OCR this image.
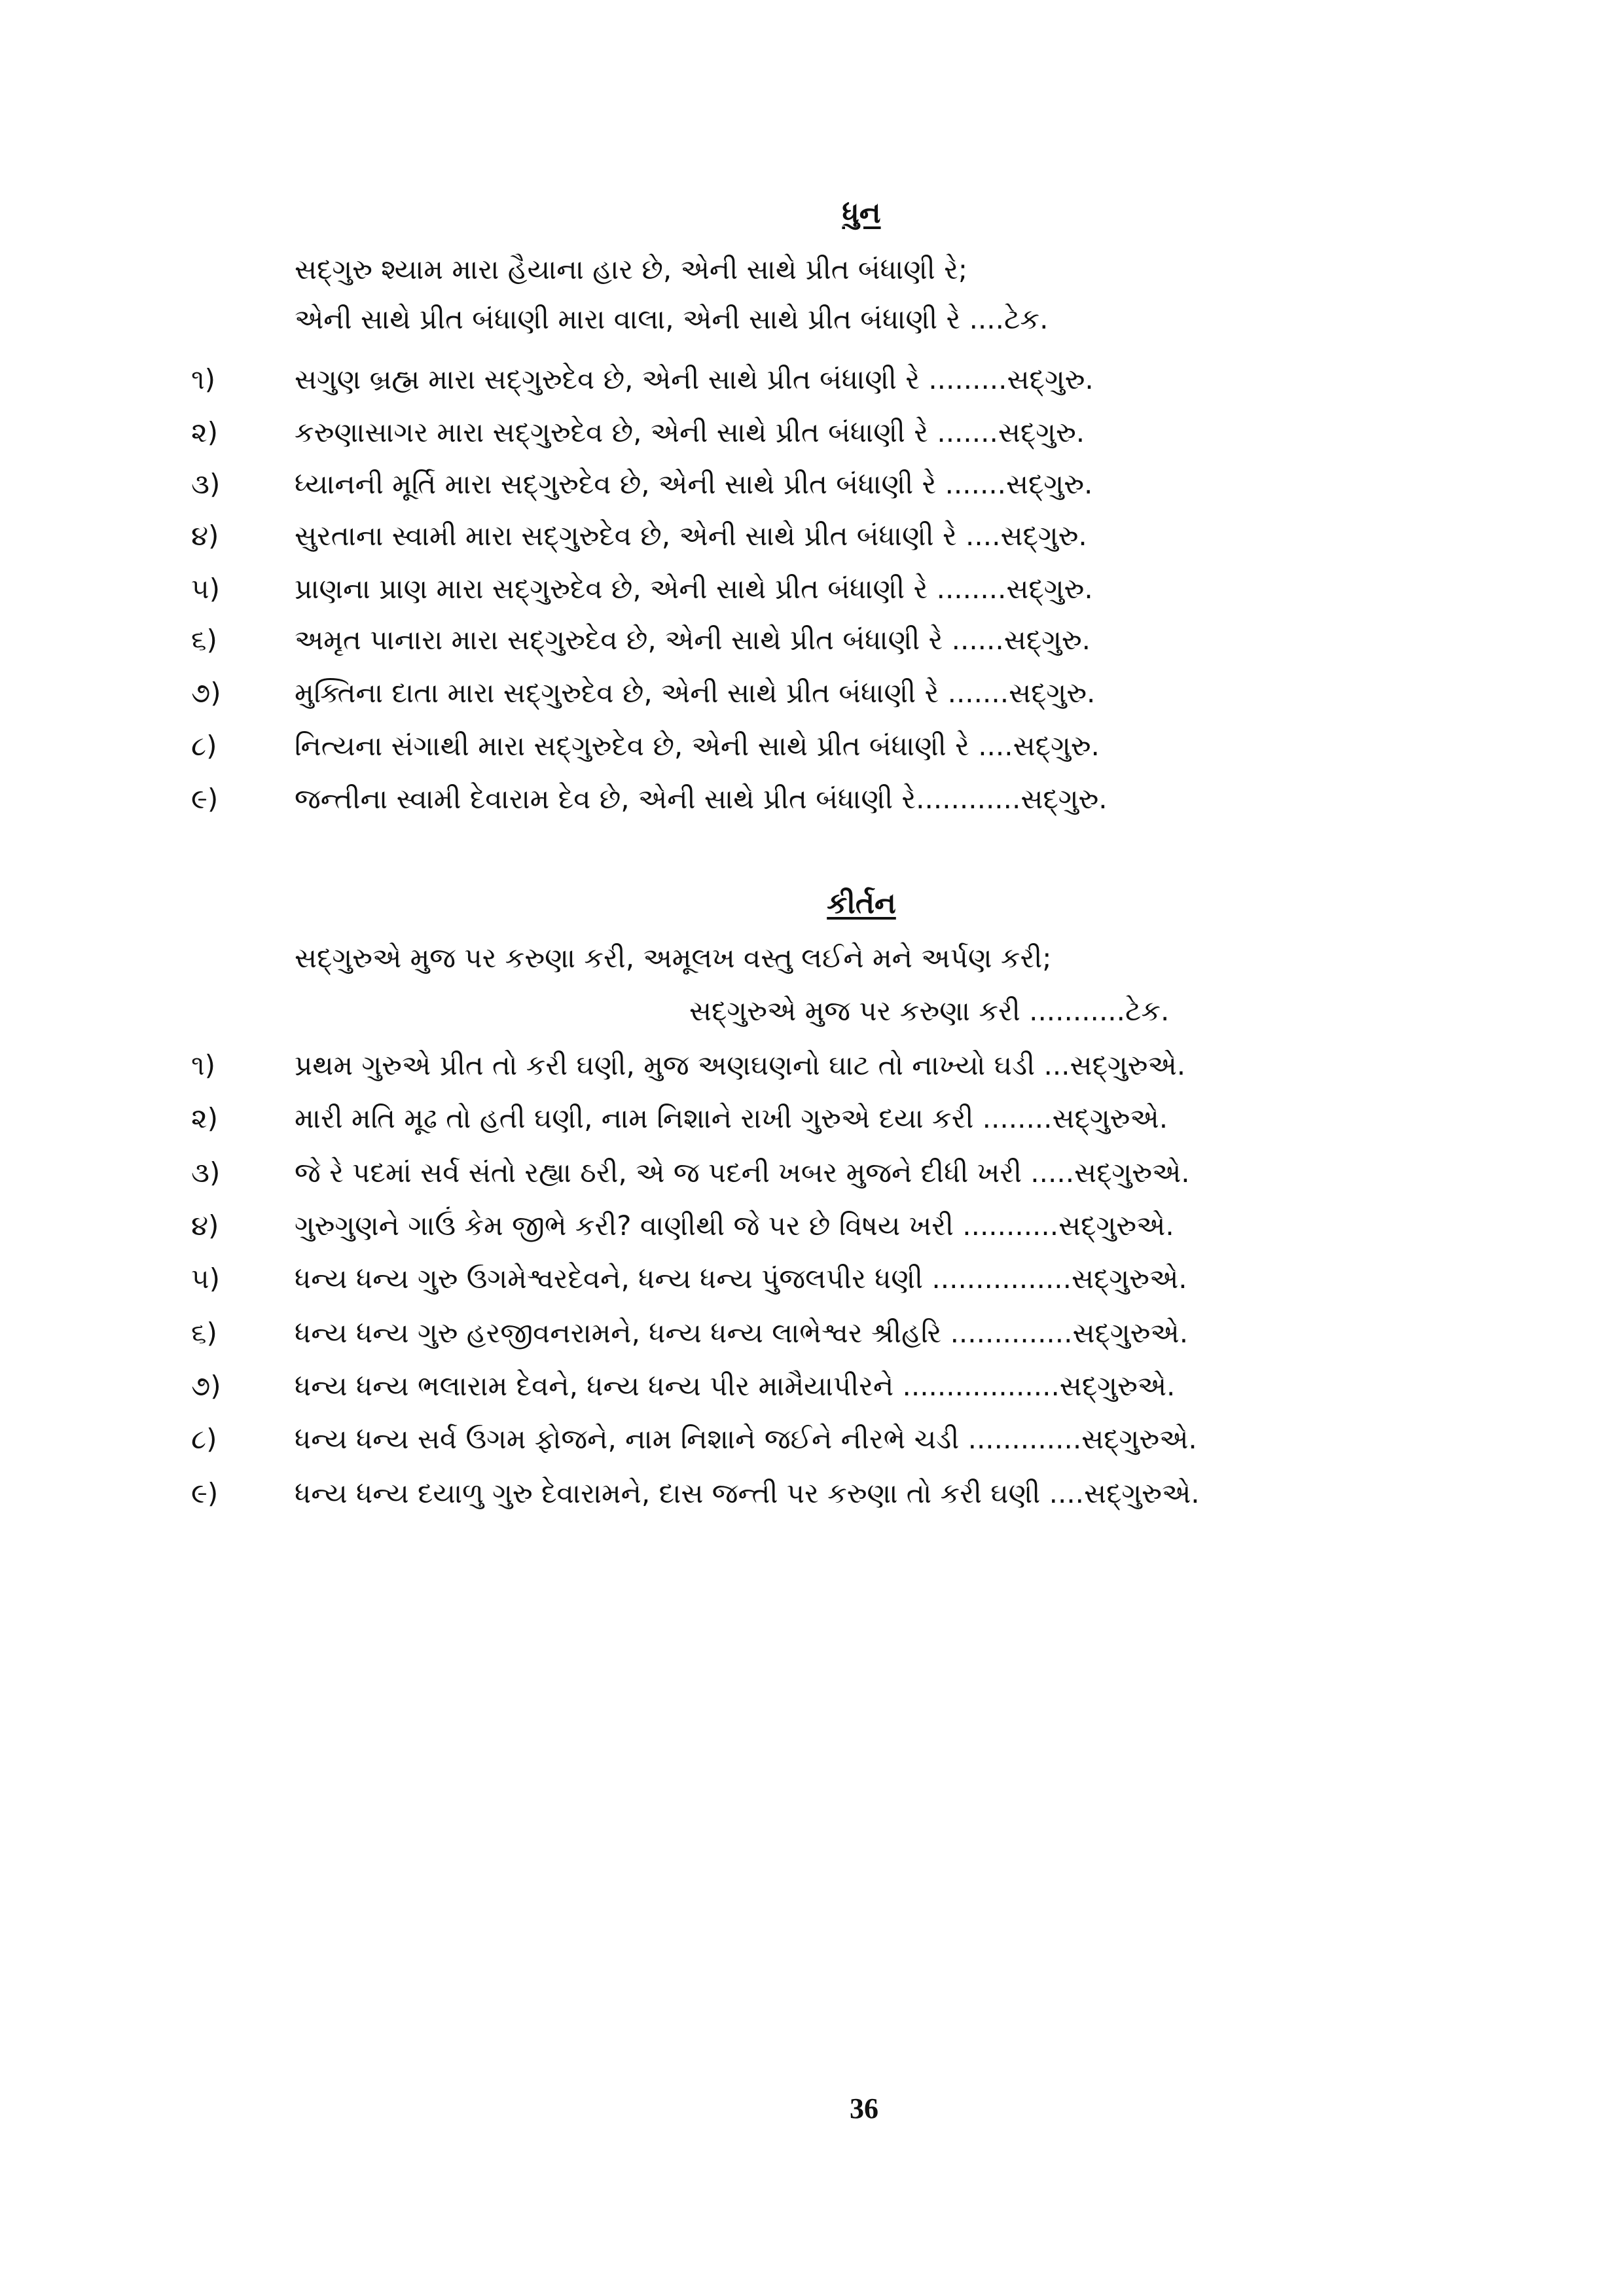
ધુન
સદ્ગુરુ શ્યામ મારા હૈયાના હાર છે, એની સાથે પ્રીત બંધાણી રે;
એની સાથે પ્રીત બંધાણી મારા વાલા, એની સાથે પ્રીત બંધાણી રે ....ટેક.
૧)	સગુણ બ્રહ્મ મારા સદ્ગુરુદેવ છે, એની સાથે પ્રીત બંધાણી રે .........સદ્ગુરુ.
૨)	કરુણાસાગર મારા સદ્ગુરુદેવ છે, એની સાથે પ્રીત બંધાણી રે .......સદ્ગુરુ.
૩)	ધ્યાનની મૂર્તિ મારા સદ્ગુરુદેવ છે, એની સાથે પ્રીત બંધાણી રે .......સદ્ગુરુ.
૪)	સુરતાના સ્વામી મારા સદ્ગુરુદેવ છે, એની સાથે પ્રીત બંધાણી રે ....સદ્ગુરુ.
૫)	પ્રાણના પ્રાણ મારા સદ્ગુરુદેવ છે, એની સાથે પ્રીત બંધાણી રે ........સદ્ગુરુ.
૬)	અમૃત પાનારા મારા સદ્ગુરુદેવ છે, એની સાથે પ્રીત બંધાણી રે ......સદ્ગુરુ.
૭)	મુક્તિના દાતા મારા સદ્ગુરુદેવ છે, એની સાથે પ્રીત બંધાણી રે .......સદ્ગુરુ.
૮)	નિત્યના સંગાથી મારા સદ્ગુરુદેવ છે, એની સાથે પ્રીત બંધાણી રે ....સદ્ગુરુ.
૯)	જન્તીના સ્વામી દેવારામ દેવ છે, એની સાથે પ્રીત બંધાણી રે............સદ્ગુરુ.
કીર્તન
સદ્ગુરુએ મુજ પર કરુણા કરી, અમૂલખ વસ્તુ લઈને મને અર્પણ કરી;
સદ્ગુરુએ મુજ પર કરુણા કરી ...........ટેક.
૧)	પ્રથમ ગુરુએ પ્રીત તો કરી ઘણી, મુજ અણઘણનો ઘાટ તો નાખ્યો ઘડી ...સદ્ગુરુએ.
૨)	મારી મતિ મૂઢ તો હતી ઘણી, નામ નિશાને રાખી ગુરુએ દયા કરી ........સદ્ગુરુએ.
૩)	જે રે પદમાં સર્વ સંતો રહ્યા ઠરી, એ જ પદની ખબર મુજને દીધી ખરી .....સદ્ગુરુએ.
૪)	ગુરુગુણને ગાઉં કેમ જીભે કરી? વાણીથી જે પર છે વિષય ખરી ...........સદ્ગુરુએ.
૫)	ધન્ય ધન્ય ગુરુ ઉગમેશ્વરદેવને, ધન્ય ધન્ય પુંજલપીર ધણી ................સદ્ગુરુએ.
૬)	ધન્ય ધન્ય ગુરુ હરજીવનરામને, ધન્ય ધન્ય લાભેશ્વર શ્રીહરિ ..............સદ્ગુરુએ.
૭)	ધન્ય ધન્ય ભલારામ દેવને, ધન્ય ધન્ય પીર મામૈયાપીરને ..................સદ્ગુરુએ.
૮)	ધન્ય ધન્ય સર્વ ઉગમ ફોજને, નામ નિશાને જઈને નીરભે ચડી .............સદ્ગુરુએ.
૯)	ધન્ય ધન્ય દયાળુ ગુરુ દેવારામને, દાસ જન્તી પર કરુણા તો કરી ઘણી ....સદ્ગુરુએ.
36
